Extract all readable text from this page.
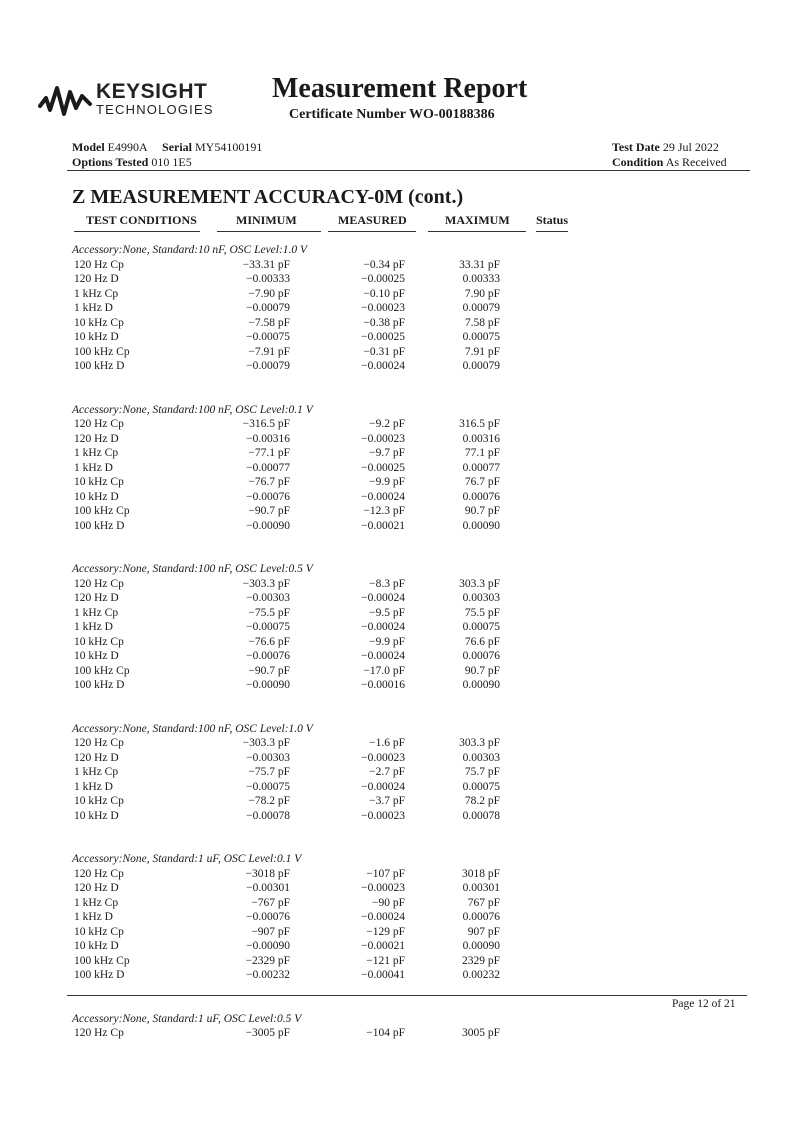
KEYSIGHT
TECHNOLOGIES
Measurement Report
Certificate Number WO-00188386
Model E4990A Serial MY54100191
Options Tested 010 1E5
Test Date 29 Jul 2022
Condition As Received
Z MEASUREMENT ACCURACY-0M (cont.)
TEST CONDITIONS	MINIMUM	MEASURED	MAXIMUM Status
Accessory:None, Standard:10 nF, OSC Level:1.0 V
120 Hz Cp	−33.31 pF	−0.34 pF	33.31 pF
120 Hz D	−0.00333	−0.00025	0.00333
1 kHz Cp	−7.90 pF	−0.10 pF	7.90 pF
1 kHz D	−0.00079	−0.00023	0.00079
10 kHz Cp	−7.58 pF	−0.38 pF	7.58 pF
10 kHz D	−0.00075	−0.00025	0.00075
100 kHz Cp	−7.91 pF	−0.31 pF	7.91 pF
100 kHz D	−0.00079	−0.00024	0.00079
Accessory:None, Standard:100 nF, OSC Level:0.1 V
120 Hz Cp	−316.5 pF	−9.2 pF	316.5 pF
120 Hz D	−0.00316	−0.00023	0.00316
1 kHz Cp	−77.1 pF	−9.7 pF	77.1 pF
1 kHz D	−0.00077	−0.00025	0.00077
10 kHz Cp	−76.7 pF	−9.9 pF	76.7 pF
10 kHz D	−0.00076	−0.00024	0.00076
100 kHz Cp	−90.7 pF	−12.3 pF	90.7 pF
100 kHz D	−0.00090	−0.00021	0.00090
Accessory:None, Standard:100 nF, OSC Level:0.5 V
120 Hz Cp	−303.3 pF	−8.3 pF	303.3 pF
120 Hz D	−0.00303	−0.00024	0.00303
1 kHz Cp	−75.5 pF	−9.5 pF	75.5 pF
1 kHz D	−0.00075	−0.00024	0.00075
10 kHz Cp	−76.6 pF	−9.9 pF	76.6 pF
10 kHz D	−0.00076	−0.00024	0.00076
100 kHz Cp	−90.7 pF	−17.0 pF	90.7 pF
100 kHz D	−0.00090	−0.00016	0.00090
Accessory:None, Standard:100 nF, OSC Level:1.0 V
120 Hz Cp	−303.3 pF	−1.6 pF	303.3 pF
120 Hz D	−0.00303	−0.00023	0.00303
1 kHz Cp	−75.7 pF	−2.7 pF	75.7 pF
1 kHz D	−0.00075	−0.00024	0.00075
10 kHz Cp	−78.2 pF	−3.7 pF	78.2 pF
10 kHz D	−0.00078	−0.00023	0.00078
Accessory:None, Standard:1 uF, OSC Level:0.1 V
120 Hz Cp	−3018 pF	−107 pF	3018 pF
120 Hz D	−0.00301	−0.00023	0.00301
1 kHz Cp	−767 pF	−90 pF	767 pF
1 kHz D	−0.00076	−0.00024	0.00076
10 kHz Cp	−907 pF	−129 pF	907 pF
10 kHz D	−0.00090	−0.00021	0.00090
100 kHz Cp	−2329 pF	−121 pF	2329 pF
100 kHz D	−0.00232	−0.00041	0.00232
Accessory:None, Standard:1 uF, OSC Level:0.5 V
120 Hz Cp	−3005 pF	−104 pF	3005 pF
Page 12 of 21
